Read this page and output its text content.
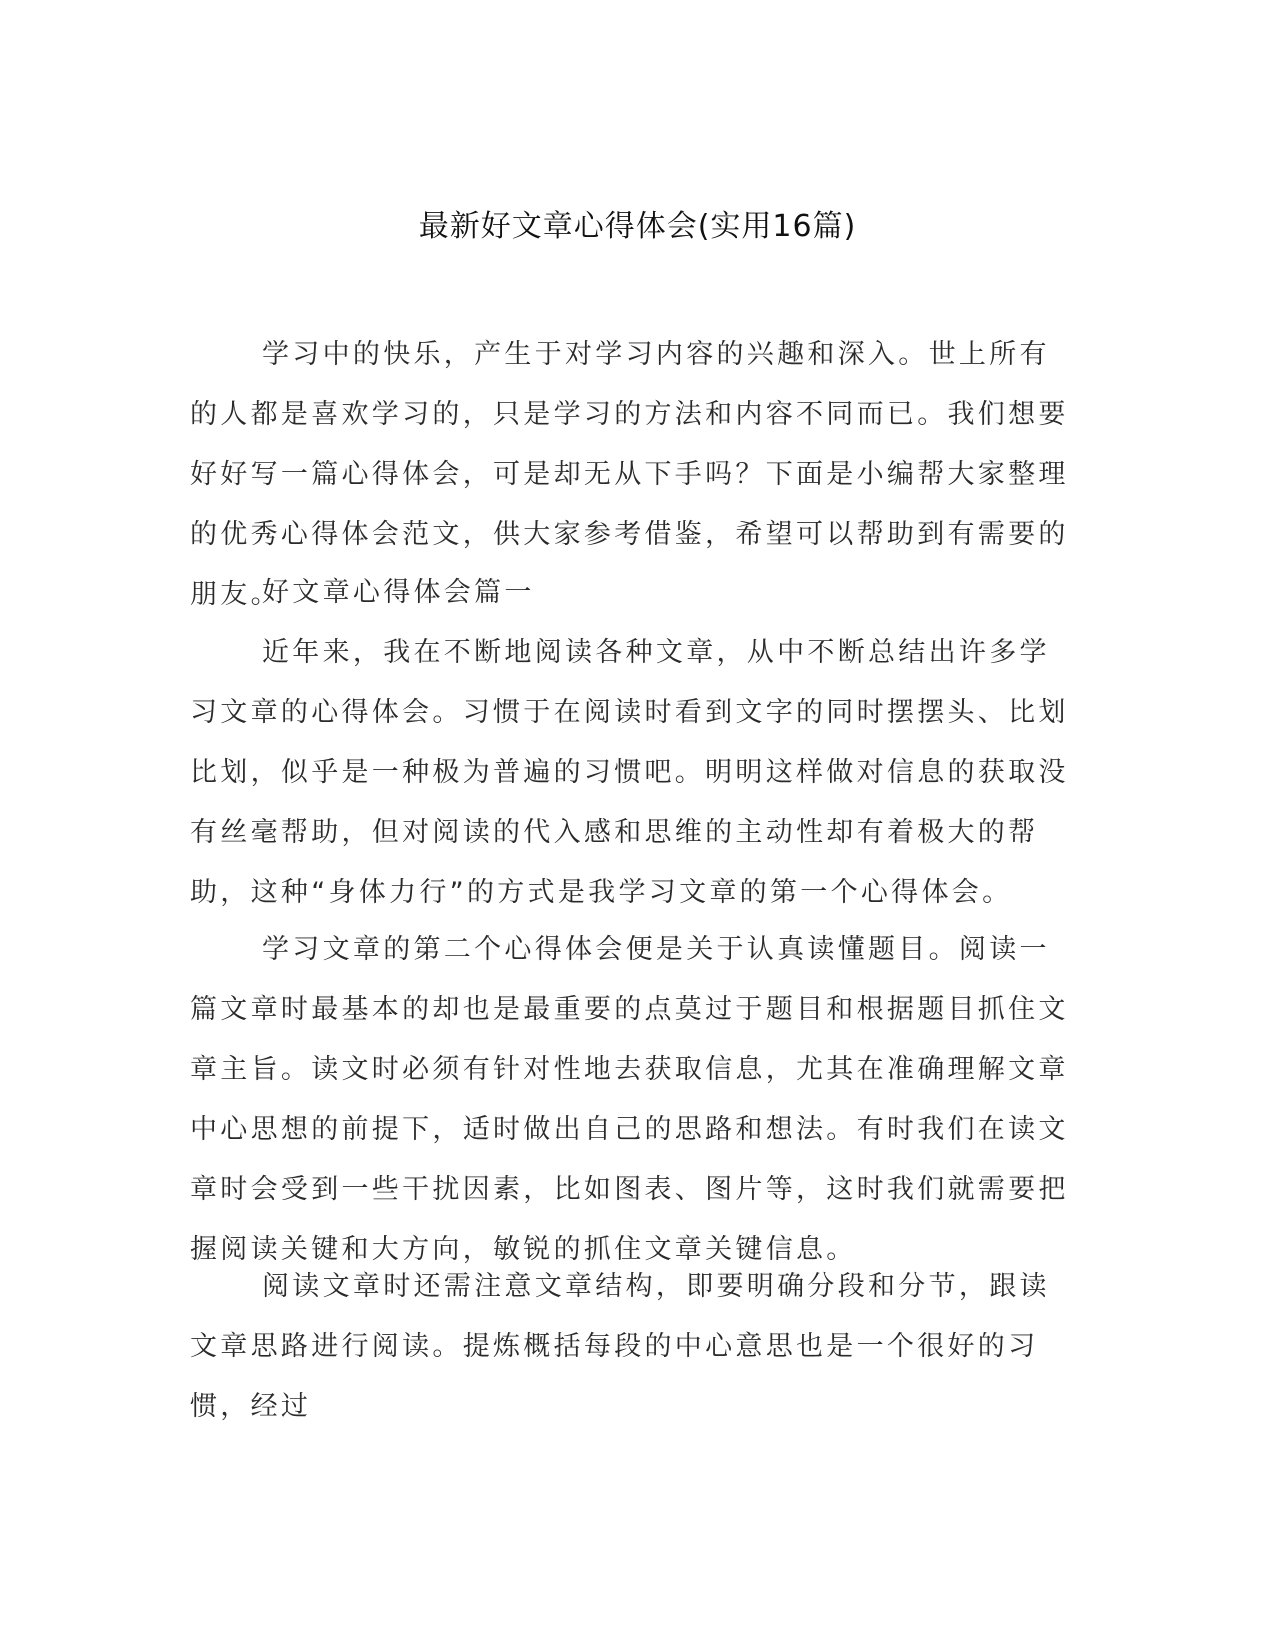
最新好文章心得体会(实用16篇)

学习中的快乐，产生于对学习内容的兴趣和深入。世上所有的人都是喜欢学习的，只是学习的方法和内容不同而已。我们想要好好写一篇心得体会，可是却无从下手吗？下面是小编帮大家整理的优秀心得体会范文，供大家参考借鉴，希望可以帮助到有需要的朋友。

好文章心得体会篇一

近年来，我在不断地阅读各种文章，从中不断总结出许多学习文章的心得体会。习惯于在阅读时看到文字的同时摆摆头、比划比划，似乎是一种极为普遍的习惯吧。明明这样做对信息的获取没有丝毫帮助，但对阅读的代入感和思维的主动性却有着极大的帮助，这种“身体力行”的方式是我学习文章的第一个心得体会。

学习文章的第二个心得体会便是关于认真读懂题目。阅读一篇文章时最基本的却也是最重要的点莫过于题目和根据题目抓住文章主旨。读文时必须有针对性地去获取信息，尤其在准确理解文章中心思想的前提下，适时做出自己的思路和想法。有时我们在读文章时会受到一些干扰因素，比如图表、图片等，这时我们就需要把握阅读关键和大方向，敏锐的抓住文章关键信息。

阅读文章时还需注意文章结构，即要明确分段和分节，跟读文章思路进行阅读。提炼概括每段的中心意思也是一个很好的习惯，经过
